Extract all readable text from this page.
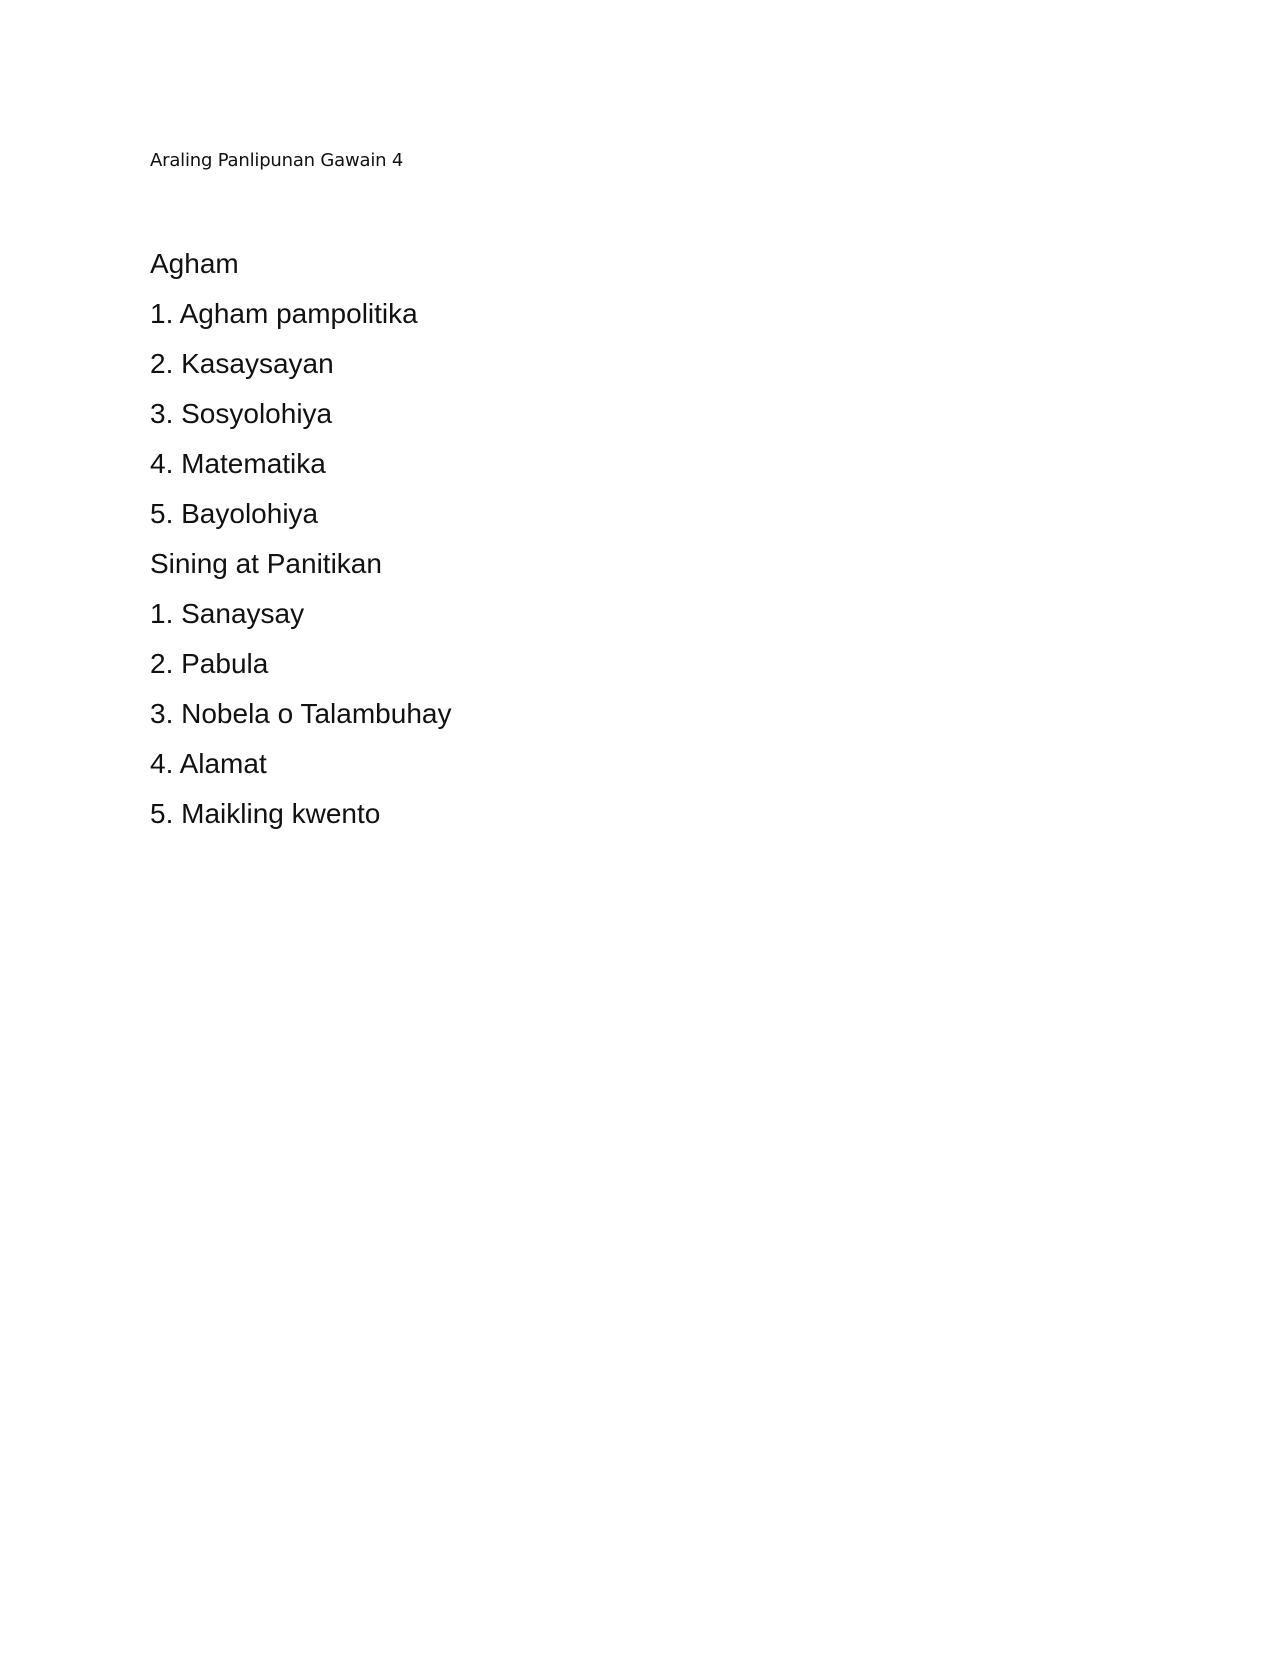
Araling Panlipunan Gawain 4

Agham

1. Agham pampolitika

2. Kasaysayan

3. Sosyolohiya

4. Matematika

5. Bayolohiya

Sining at Panitikan

1. Sanaysay

2. Pabula

3. Nobela o Talambuhay

4. Alamat

5. Maikling kwento
